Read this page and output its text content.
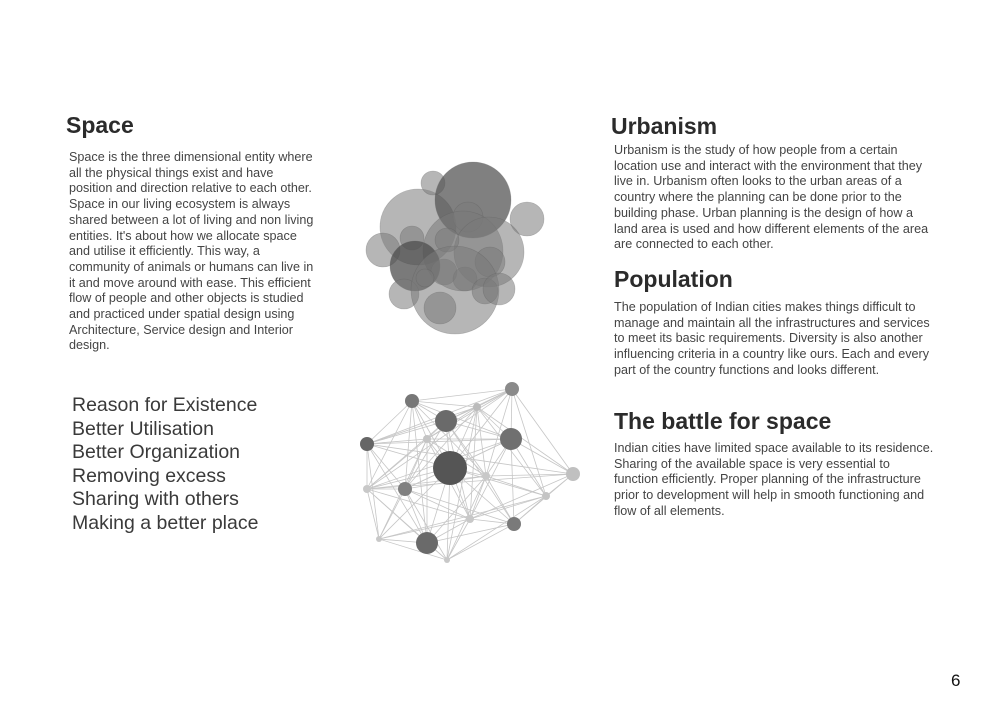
Space

Space is the three dimensional entity where all the physical things exist and have position and direction relative to each other. Space in our living ecosystem is always shared between a lot of living and non living entities. It's about how we allocate space and utilise it efficiently. This way, a community of animals or humans can live in it and move around with ease. This efficient flow of people and other objects is studied and practiced under spatial design using Architecture, Service design and Interior design.

Reason for Existence
Better Utilisation
Better Organization
Removing excess
Sharing with others
Making a better place
Urbanism

Urbanism is the study of how people from a certain location use and interact with the environment that they live in. Urbanism often looks to the urban areas of a country where the planning can be done prior to the building phase. Urban planning is the design of how a land area is used and how different elements of the area are connected to each other.

Population

The population of Indian cities makes things difficult to manage and maintain all the infrastructures and services to meet its basic requirements. Diversity is also another influencing criteria in a country like ours. Each and every part of the country functions and looks different.

The battle for space

Indian cities have limited space available to its residence. Sharing of the available space is very essential to function efficiently. Proper planning of the infrastructure prior to development will help in smooth functioning and flow of all elements.

6
